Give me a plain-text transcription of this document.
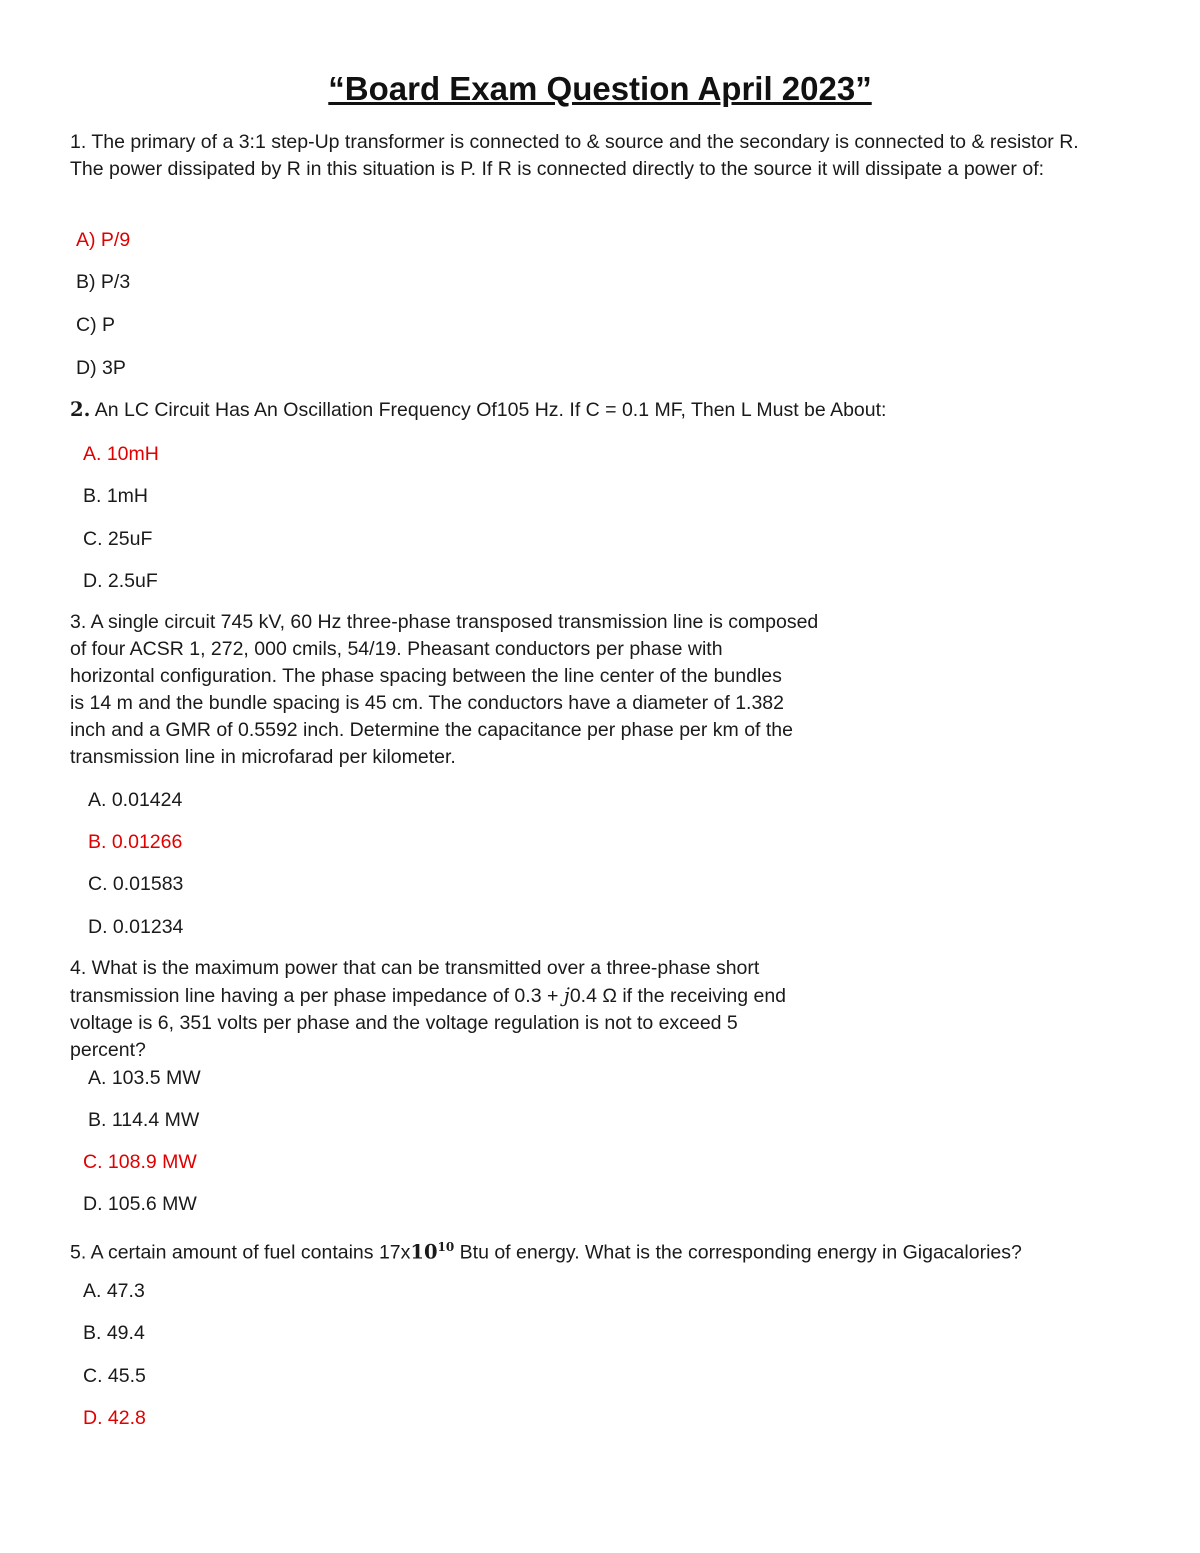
“Board Exam Question April 2023”
1. The primary of a 3:1 step-Up transformer is connected to & source and the secondary is connected to & resistor R. The power dissipated by R in this situation is P. If R is connected directly to the source it will dissipate a power of:
A) P/9
B) P/3
C) P
D) 3P
2. An LC Circuit Has An Oscillation Frequency Of105 Hz. If C = 0.1 MF, Then L Must be About:
A. 10mH
B. 1mH
C. 25uF
D. 2.5uF
3. A single circuit 745 kV, 60 Hz three-phase transposed transmission line is composed
of four ACSR 1, 272, 000 cmils, 54/19. Pheasant conductors per phase with
horizontal configuration. The phase spacing between the line center of the bundles
is 14 m and the bundle spacing is 45 cm. The conductors have a diameter of 1.382
inch and a GMR of 0.5592 inch. Determine the capacitance per phase per km of the
transmission line in microfarad per kilometer.
A. 0.01424
B. 0.01266
C. 0.01583
D. 0.01234
4. What is the maximum power that can be transmitted over a three-phase short
transmission line having a per phase impedance of 0.3 + j0.4 Ω if the receiving end
voltage is 6, 351 volts per phase and the voltage regulation is not to exceed 5
percent?
A. 103.5 MW
B. 114.4 MW
C. 108.9 MW
D. 105.6 MW
5. A certain amount of fuel contains $17x10^{10}$ Btu of energy. What is the corresponding energy in Gigacalories?
A. 47.3
B. 49.4
C. 45.5
D. 42.8
